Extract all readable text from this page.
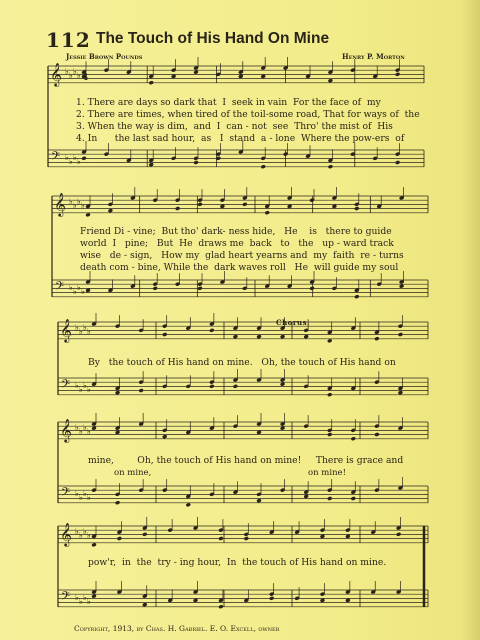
112 The Touch of His Hand On Mine
Jessie Brown Pounds	Henry P. Morton
𝄞
𝄢
♭
♭
♭
♭
♭
♭
♭
♭
𝄞
𝄢
♭
♭
♭
♭
♭
♭
♭
♭
𝄞
𝄢
♭
♭
♭
♭
♭
♭
♭
♭
𝄞
𝄢
♭
♭
♭
♭
♭
♭
♭
♭
𝄞
𝄢
♭
♭
♭
♭
♭
♭
♭
♭
4
1. There are days so dark that  I  seek in vain  For the face of  my
2. There are times, when tired of the toil-some road, That for ways of  the
3. When the way is dim,  and  I  can - not  see  Thro' the mist of  His
4. In      the last sad hour,  as   I  stand  a - lone  Where the pow-ers  of
Friend Di - vine;  But tho' dark- ness hide,   He    is   there to guide
world  I   pine;   But  He  draws me  back   to   the   up - ward track
wise   de - sign,   How my  glad heart yearns and  my  faith  re - turns
death com - bine, While the  dark waves roll   He  will guide my soul
Chorus.
By   the touch of His hand on mine.   Oh, the touch of His hand on
mine,        Oh, the touch of His hand on mine!     There is grace and
on mine,	on mine!
pow'r,  in  the  try - ing hour,  In  the touch of His hand on mine.
Copyright, 1913, by Chas. H. Gabriel. E. O. Excell, owner
